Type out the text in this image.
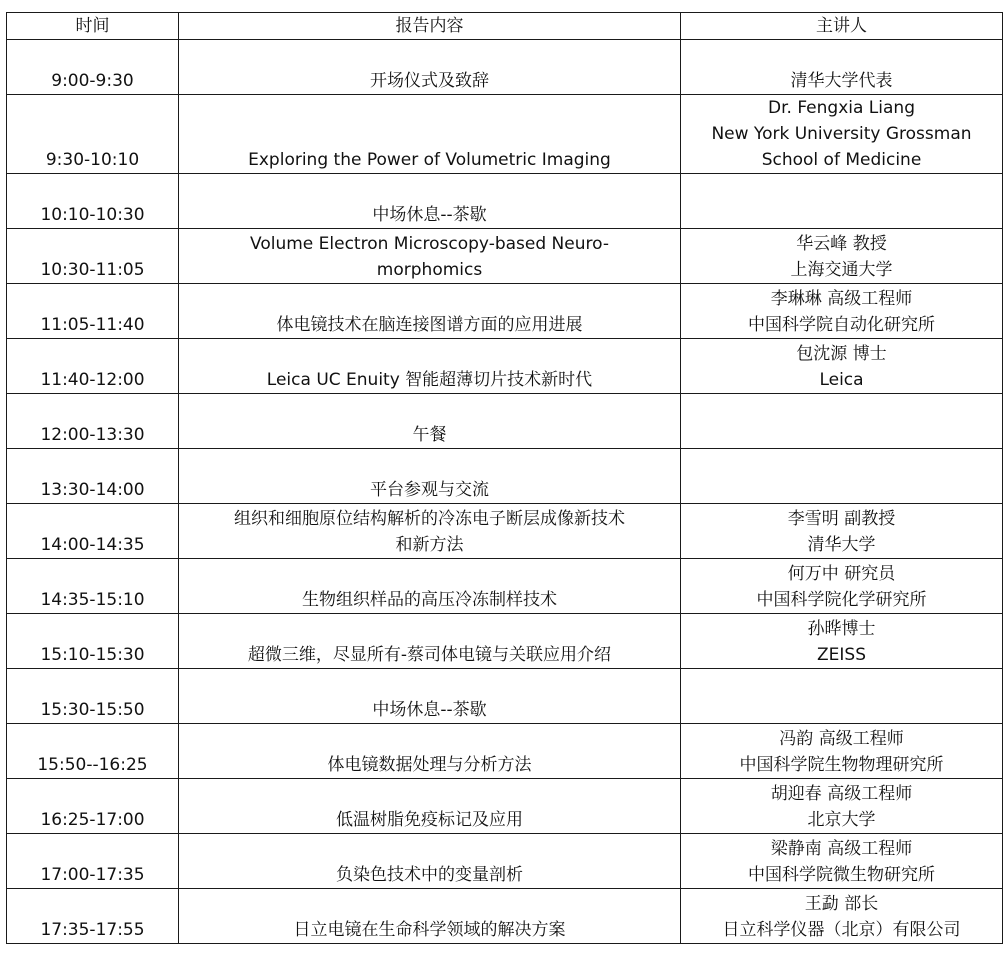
时间	报告内容	主讲人

9:00-9:30	开场仪式及致辞	清华大学代表

9:30-10:10	Exploring the Power of Volumetric Imaging	Dr. Fengxia Liang
New York University Grossman
School of Medicine

10:10-10:30	中场休息--茶歇	

10:30-11:05	Volume Electron Microscopy-based Neuro-
morphomics	华云峰 教授
上海交通大学

11:05-11:40	体电镜技术在脑连接图谱方面的应用进展	李琳琳 高级工程师
中国科学院自动化研究所

11:40-12:00	Leica UC Enuity 智能超薄切片技术新时代	包沈源 博士
Leica

12:00-13:30	午餐	

13:30-14:00	平台参观与交流	

14:00-14:35	组织和细胞原位结构解析的冷冻电子断层成像新技术
和新方法	李雪明 副教授
清华大学

14:35-15:10	生物组织样品的高压冷冻制样技术	何万中 研究员
中国科学院化学研究所

15:10-15:30	超微三维，尽显所有-蔡司体电镜与关联应用介绍	孙晔博士
ZEISS

15:30-15:50	中场休息--茶歇	

15:50--16:25	体电镜数据处理与分析方法	冯韵 高级工程师
中国科学院生物物理研究所

16:25-17:00	低温树脂免疫标记及应用	胡迎春 高级工程师
北京大学

17:00-17:35	负染色技术中的变量剖析	梁静南 高级工程师
中国科学院微生物研究所

17:35-17:55	日立电镜在生命科学领域的解决方案	王勐 部长
日立科学仪器（北京）有限公司
